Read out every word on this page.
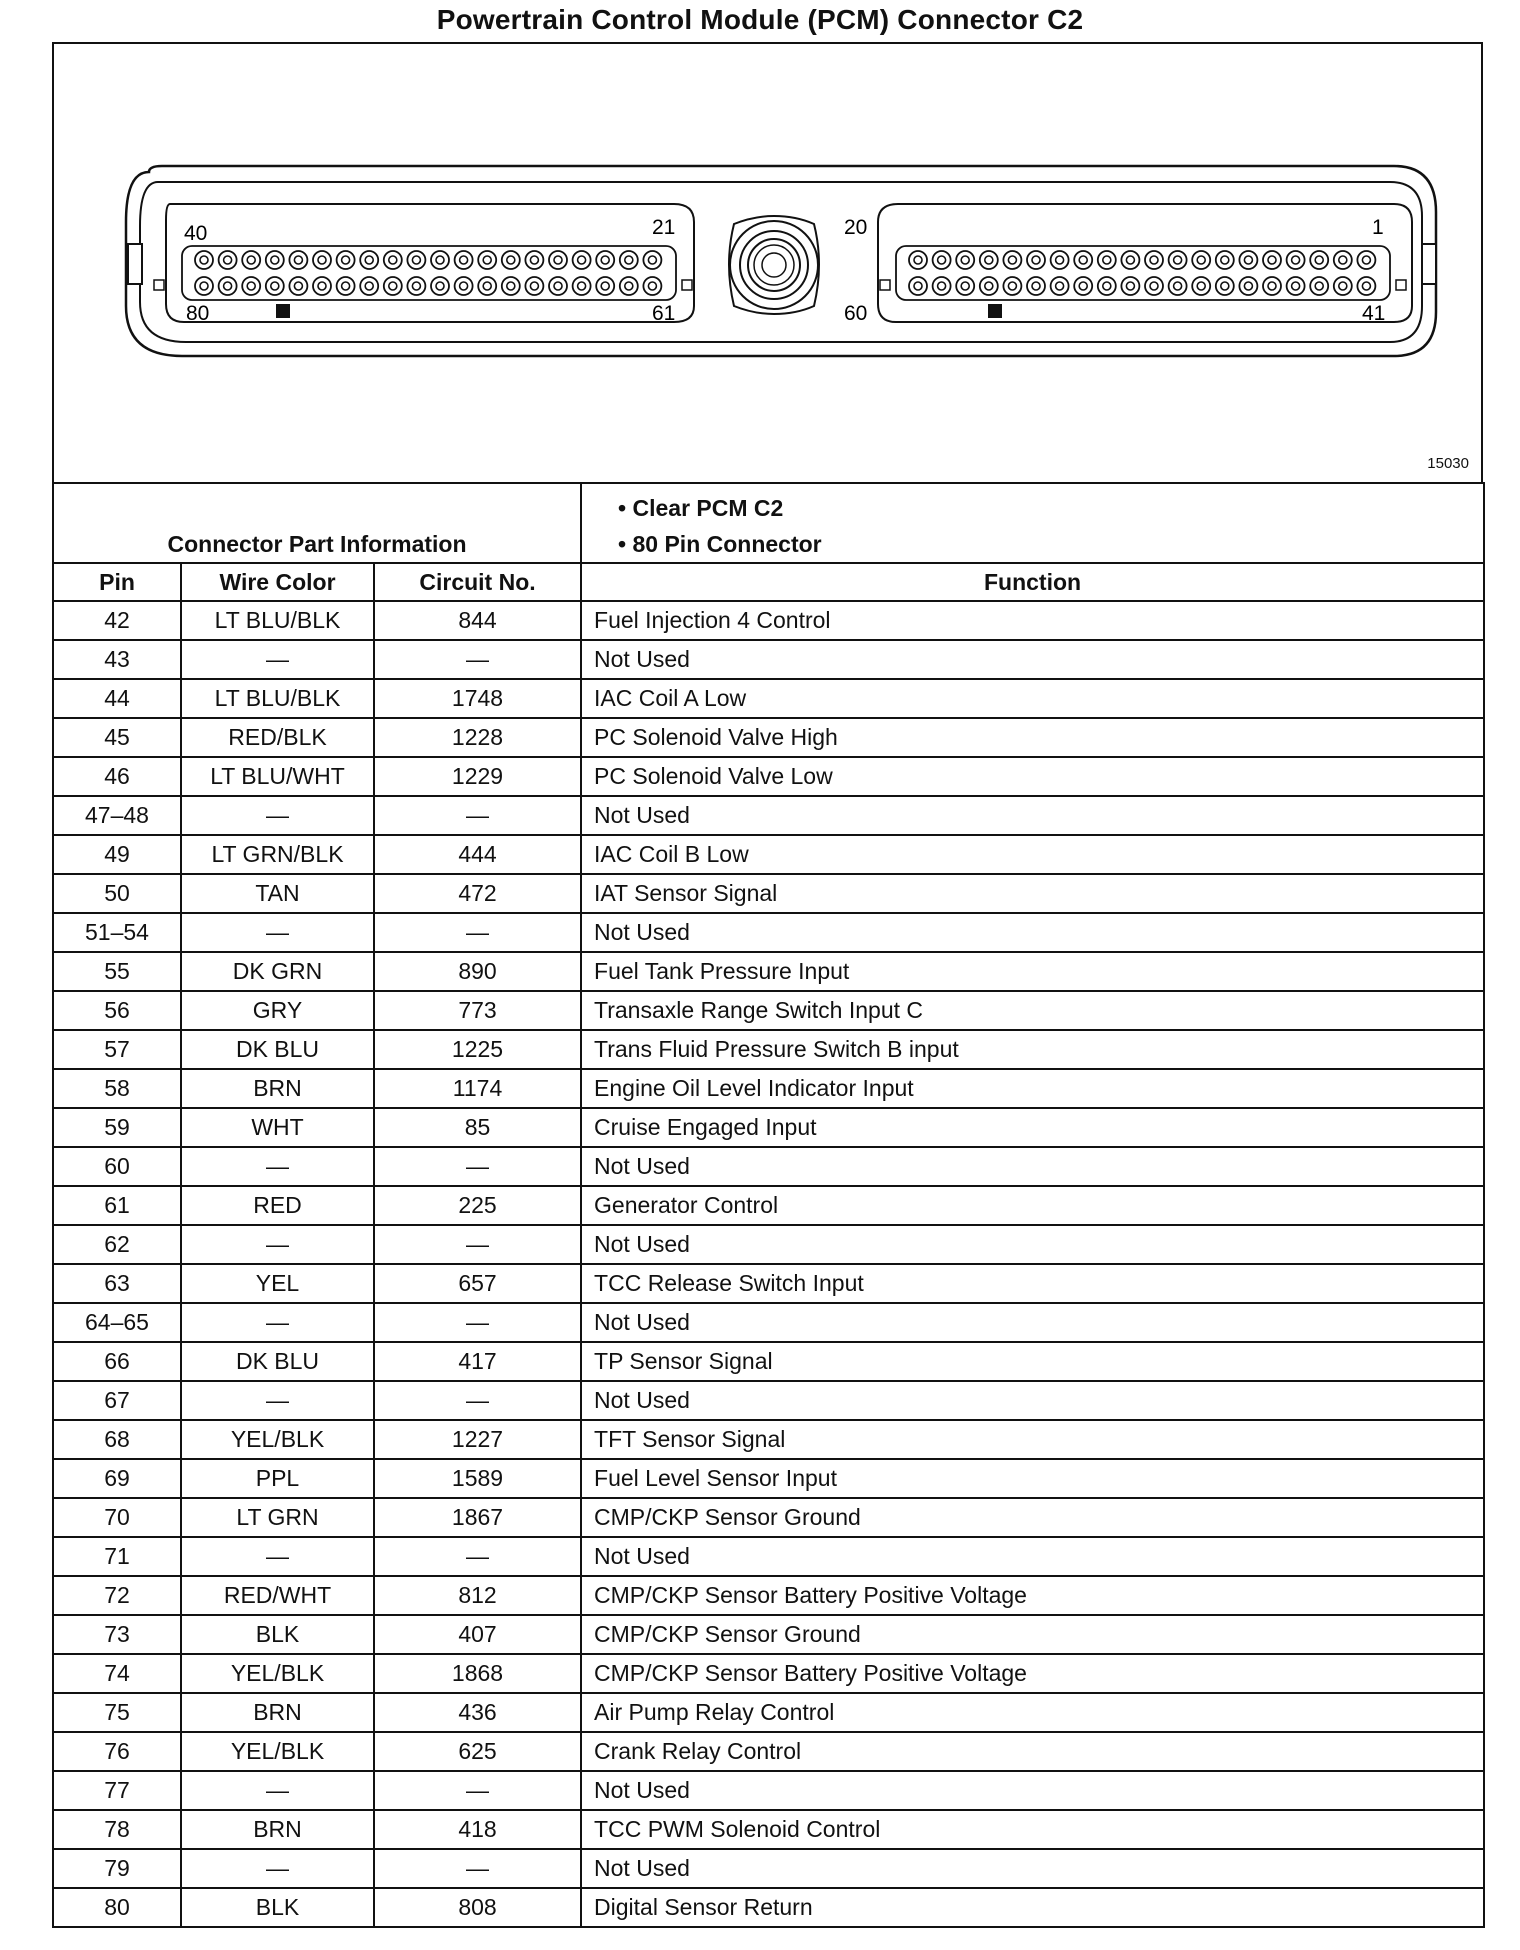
Powertrain Control Module (PCM) Connector C2
40	21
80	61
20	1
60	41
15030
Connector Part Information			• Clear PCM C2
• 80 Pin Connector

Pin	Wire Color	Circuit No.	Function
42	LT BLU/BLK	844	Fuel Injection 4 Control
43	—	—	Not Used
44	LT BLU/BLK	1748	IAC Coil A Low
45	RED/BLK	1228	PC Solenoid Valve High
46	LT BLU/WHT	1229	PC Solenoid Valve Low
47–48	—	—	Not Used
49	LT GRN/BLK	444	IAC Coil B Low
50	TAN	472	IAT Sensor Signal
51–54	—	—	Not Used
55	DK GRN	890	Fuel Tank Pressure Input
56	GRY	773	Transaxle Range Switch Input C
57	DK BLU	1225	Trans Fluid Pressure Switch B input
58	BRN	1174	Engine Oil Level Indicator Input
59	WHT	85	Cruise Engaged Input
60	—	—	Not Used
61	RED	225	Generator Control
62	—	—	Not Used
63	YEL	657	TCC Release Switch Input
64–65	—	—	Not Used
66	DK BLU	417	TP Sensor Signal
67	—	—	Not Used
68	YEL/BLK	1227	TFT Sensor Signal
69	PPL	1589	Fuel Level Sensor Input
70	LT GRN	1867	CMP/CKP Sensor Ground
71	—	—	Not Used
72	RED/WHT	812	CMP/CKP Sensor Battery Positive Voltage
73	BLK	407	CMP/CKP Sensor Ground
74	YEL/BLK	1868	CMP/CKP Sensor Battery Positive Voltage
75	BRN	436	Air Pump Relay Control
76	YEL/BLK	625	Crank Relay Control
77	—	—	Not Used
78	BRN	418	TCC PWM Solenoid Control
79	—	—	Not Used
80	BLK	808	Digital Sensor Return
